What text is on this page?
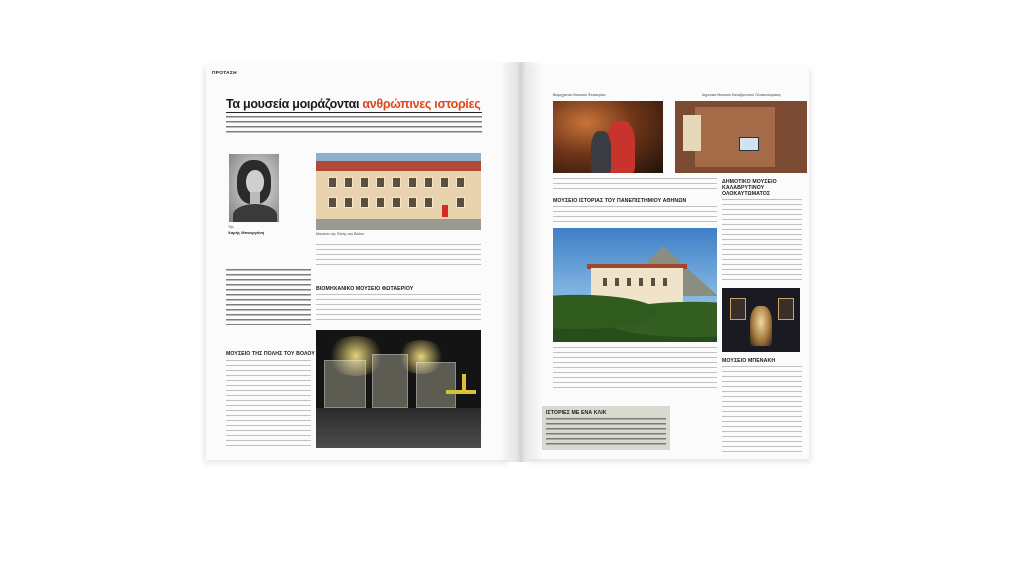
ΠΡΟΤΑΣΗ
Τα μουσεία μοιράζονται ανθρώπινες ιστορίες
Της
Χαρής Μπουργάνη	Μουσείο της Πόλης του Βόλου
ΒΙΟΜΗΧΑΝΙΚΟ ΜΟΥΣΕΙΟ ΦΩΤΑΕΡΙΟΥ
ΜΟΥΣΕΙΟ ΤΗΣ ΠΟΛΗΣ ΤΟΥ ΒΟΛΟΥ
Βιομηχανικό Μουσείο Φωταερίου	Δημοτικό Μουσείο Καλαβρυτινού Ολοκαυτώματος
ΜΟΥΣΕΙΟ ΙΣΤΟΡΙΑΣ ΤΟΥ ΠΑΝΕΠΙΣΤΗΜΙΟΥ ΑΘΗΝΩΝ
ΔΗΜΟΤΙΚΟ ΜΟΥΣΕΙΟ ΚΑΛΑΒΡΥΤΙΝΟΥ ΟΛΟΚΑΥΤΩΜΑΤΟΣ
ΜΟΥΣΕΙΟ ΜΠΕΝΑΚΗ
ΙΣΤΟΡΙΕΣ ΜΕ ΕΝΑ ΚΛΙΚ
